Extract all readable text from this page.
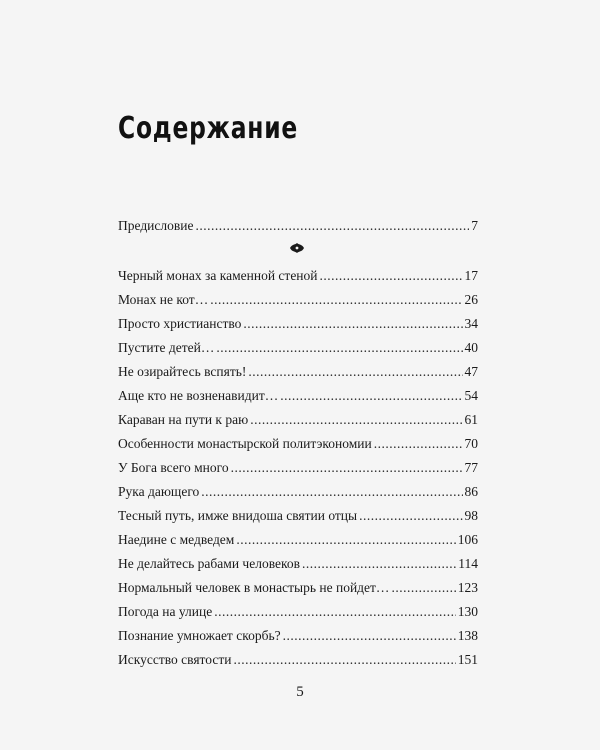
Содержание
Предисловие .....	7
Черный монах за каменной стеной .....	17
Монах не кот… .....	26
Просто христианство .....	34
Пустите детей… .....	40
Не озирайтесь вспять! .....	47
Аще кто не возненавидит… .....	54
Караван на пути к раю .....	61
Особенности монастырской политэкономии .....	70
У Бога всего много .....	77
Рука дающего .....	86
Тесный путь, имже внидоша святии отцы .....	98
Наедине с медведем .....	106
Не делайтесь рабами человеков .....	114
Нормальный человек в монастырь не пойдет… .....	123
Погода на улице .....	130
Познание умножает скорбь? .....	138
Искусство святости .....	151
5
